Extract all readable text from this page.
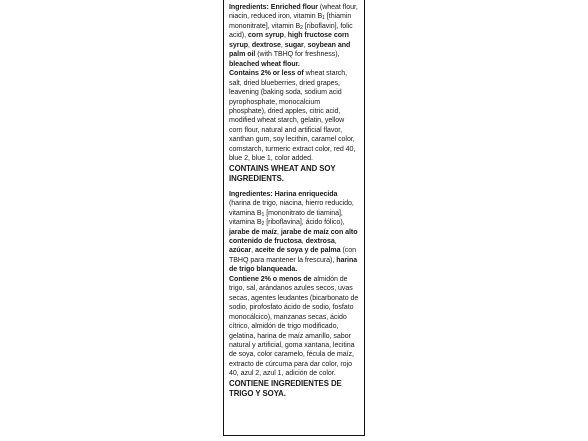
Ingredients: Enriched flour (wheat flour, niacin, reduced iron, vitamin $B_1$ [thiamin mononitrate], vitamin $B_2$ [riboflavin], folic acid), corn syrup, high fructose corn syrup, dextrose, sugar, soybean and palm oil (with TBHQ for freshness), bleached wheat flour.
Contains 2% or less of wheat starch, salt, dried blueberries, dried grapes, leavening (baking soda, sodium acid pyrophosphate, monocalcium phosphate), dried apples, citric acid, modified wheat starch, gelatin, yellow corn flour, natural and artificial flavor, xanthan gum, soy lecithin, caramel color, cornstarch, turmeric extract color, red 40, blue 2, blue 1, color added.
CONTAINS WHEAT AND SOY INGREDIENTS.
Ingredientes: Harina enriquecida (harina de trigo, niacina, hierro reducido, vitamina $B_1$ [mononitrato de tiamina], vitamina $B_2$ [riboflavina], ácido fólico), jarabe de maíz, jarabe de maíz con alto contenido de fructosa, dextrosa, azúcar, aceite de soya y de palma (con TBHQ para mantener la frescura), harina de trigo blanqueada.
Contiene 2% o menos de almidón de trigo, sal, arándanos azules secos, uvas secas, agentes leudantes (bicarbonato de sodio, pirofosfato ácido de sodio, fosfato monocálcico), manzanas secas, ácido cítrico, almidón de trigo modificado, gelatina, harina de maíz amarillo, sabor natural y artificial, goma xantana, lecitina de soya, color caramelo, fécula de maíz, extracto de cúrcuma para dar color, rojo 40, azul 2, azul 1, adición de color.
CONTIENE INGREDIENTES DE TRIGO Y SOYA.
